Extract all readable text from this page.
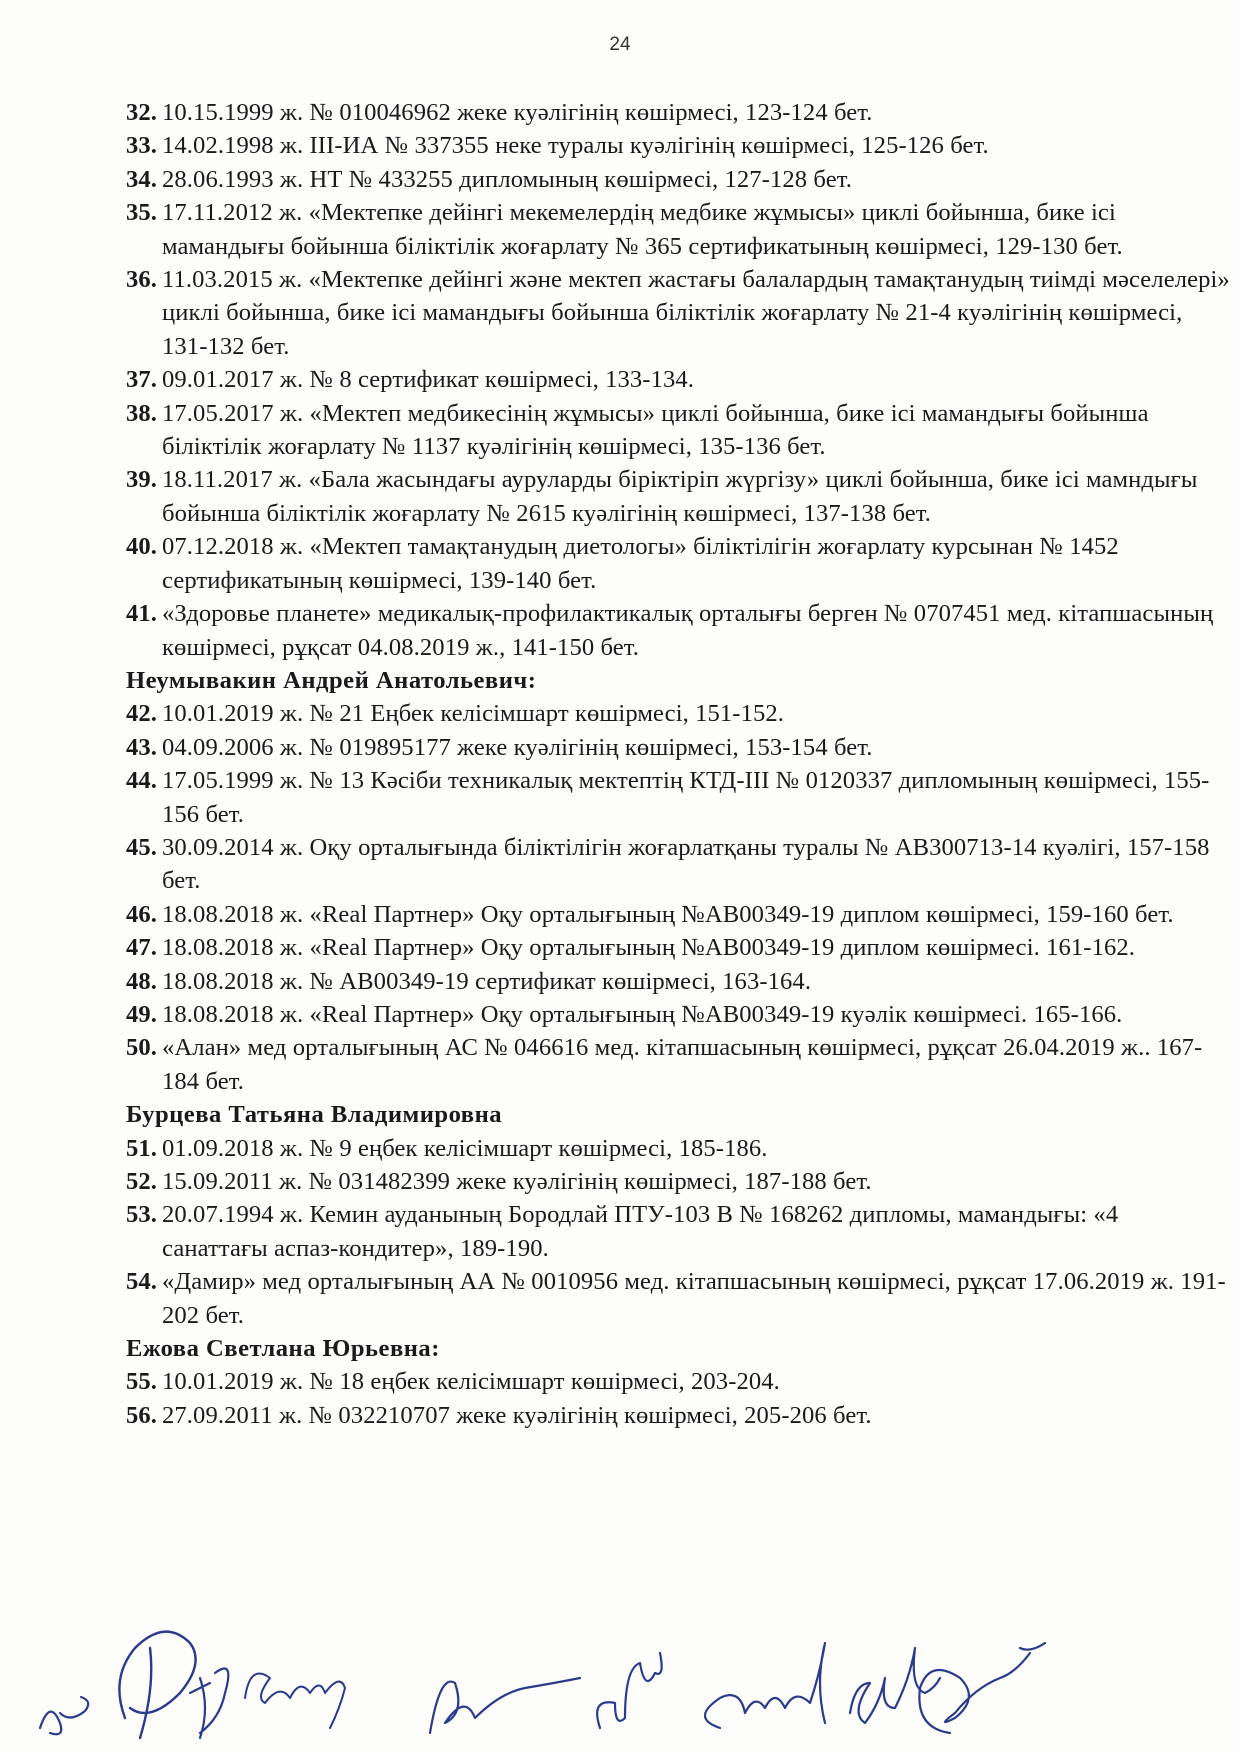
24
32. 10.15.1999 ж. № 010046962 жеке куәлігінің көшірмесі, 123-124 бет.
33. 14.02.1998 ж. ІІІ-ИА № 337355 неке туралы куәлігінің көшірмесі, 125-126 бет.
34. 28.06.1993 ж. НТ № 433255 дипломының көшірмесі, 127-128 бет.
35. 17.11.2012 ж. «Мектепке дейінгі мекемелердің медбике жұмысы» циклі бойынша, бике ісі мамандығы бойынша біліктілік жоғарлату № 365 сертификатының көшірмесі, 129-130 бет.
36. 11.03.2015 ж. «Мектепке дейінгі және мектеп жастағы балалардың тамақтанудың тиімді мәселелері» циклі бойынша, бике ісі мамандығы бойынша біліктілік жоғарлату № 21-4 куәлігінің көшірмесі, 131-132 бет.
37. 09.01.2017 ж. № 8 сертификат көшірмесі, 133-134.
38. 17.05.2017 ж. «Мектеп медбикесінің жұмысы» циклі бойынша, бике ісі мамандығы бойынша біліктілік жоғарлату № 1137 куәлігінің көшірмесі, 135-136 бет.
39. 18.11.2017 ж. «Бала жасындағы ауруларды біріктіріп жүргізу» циклі бойынша, бике ісі мамндығы бойынша біліктілік жоғарлату № 2615 куәлігінің көшірмесі, 137-138 бет.
40. 07.12.2018 ж. «Мектеп тамақтанудың диетологы» біліктілігін жоғарлату курсынан № 1452 сертификатының көшірмесі, 139-140 бет.
41. «Здоровье планете» медикалық-профилактикалық орталығы берген № 0707451 мед. кітапшасының көшірмесі, рұқсат 04.08.2019 ж., 141-150 бет.
Неумывакин Андрей Анатольевич:
42. 10.01.2019 ж. № 21 Еңбек келісімшарт көшірмесі, 151-152.
43. 04.09.2006 ж. № 019895177 жеке куәлігінің көшірмесі, 153-154 бет.
44. 17.05.1999 ж. № 13 Кәсіби техникалық мектептің КТД-ІІІ № 0120337 дипломының көшірмесі, 155-156 бет.
45. 30.09.2014 ж. Оқу орталығында біліктілігін жоғарлатқаны туралы № АВ300713-14 куәлігі, 157-158 бет.
46. 18.08.2018 ж. «Real Партнер» Оқу орталығының №АВ00349-19 диплом көшірмесі, 159-160 бет.
47. 18.08.2018 ж. «Real Партнер» Оқу орталығының №АВ00349-19 диплом көшірмесі. 161-162.
48. 18.08.2018 ж. № АВ00349-19 сертификат көшірмесі, 163-164.
49. 18.08.2018 ж. «Real Партнер» Оқу орталығының №АВ00349-19 куәлік көшірмесі. 165-166.
50. «Алан» мед орталығының АС № 046616 мед. кітапшасының көшірмесі, рұқсат 26.04.2019 ж.. 167-184 бет.
Бурцева Татьяна Владимировна
51. 01.09.2018 ж. № 9 еңбек келісімшарт көшірмесі, 185-186.
52. 15.09.2011 ж. № 031482399 жеке куәлігінің көшірмесі, 187-188 бет.
53. 20.07.1994 ж. Кемин ауданының Бородлай ПТУ-103 В № 168262 дипломы, мамандығы: «4 санаттағы аспаз-кондитер», 189-190.
54. «Дамир» мед орталығының АА № 0010956 мед. кітапшасының көшірмесі, рұқсат 17.06.2019 ж. 191-202 бет.
Ежова Светлана Юрьевна:
55. 10.01.2019 ж. № 18 еңбек келісімшарт көшірмесі, 203-204.
56. 27.09.2011 ж. № 032210707 жеке куәлігінің көшірмесі, 205-206 бет.
